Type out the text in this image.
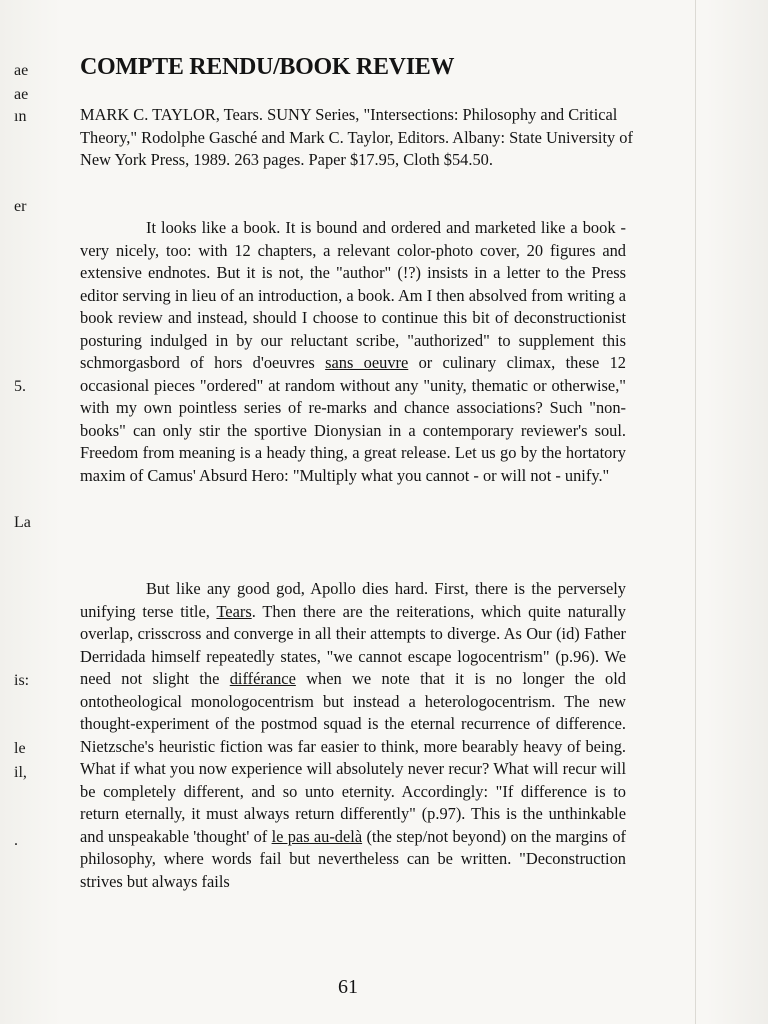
ae
ae
ın
er
5.
La
is:
le
il,
.
COMPTE RENDU/BOOK REVIEW

MARK C. TAYLOR, Tears. SUNY Series, "Intersections: Philosophy and Critical Theory," Rodolphe Gasché and Mark C. Taylor, Editors. Albany: State University of New York Press, 1989. 263 pages. Paper $17.95, Cloth $54.50.

It looks like a book. It is bound and ordered and marketed like a book - very nicely, too: with 12 chapters, a relevant color-photo cover, 20 figures and extensive endnotes. But it is not, the "author" (!?) insists in a letter to the Press editor serving in lieu of an introduction, a book. Am I then absolved from writing a book review and instead, should I choose to continue this bit of deconstructionist posturing indulged in by our reluctant scribe, "authorized" to supplement this schmorgasbord of hors d'oeuvres sans oeuvre or culinary climax, these 12 occasional pieces "ordered" at random without any "unity, thematic or otherwise," with my own pointless series of re-marks and chance associations? Such "non-books" can only stir the sportive Dionysian in a contemporary reviewer's soul. Freedom from meaning is a heady thing, a great release. Let us go by the hortatory maxim of Camus' Absurd Hero: "Multiply what you cannot - or will not - unify."

But like any good god, Apollo dies hard. First, there is the perversely unifying terse title, Tears. Then there are the reiterations, which quite naturally overlap, crisscross and converge in all their attempts to diverge. As Our (id) Father Derridada himself repeatedly states, "we cannot escape logocentrism" (p.96). We need not slight the différance when we note that it is no longer the old ontotheological monologocentrism but instead a heterologocentrism. The new thought-experiment of the postmod squad is the eternal recurrence of difference. Nietzsche's heuristic fiction was far easier to think, more bearably heavy of being. What if what you now experience will absolutely never recur? What will recur will be completely different, and so unto eternity. Accordingly: "If difference is to return eternally, it must always return differently" (p.97). This is the unthinkable and unspeakable 'thought' of le pas au-delà (the step/not beyond) on the margins of philosophy, where words fail but nevertheless can be written. "Deconstruction strives but always fails

61
